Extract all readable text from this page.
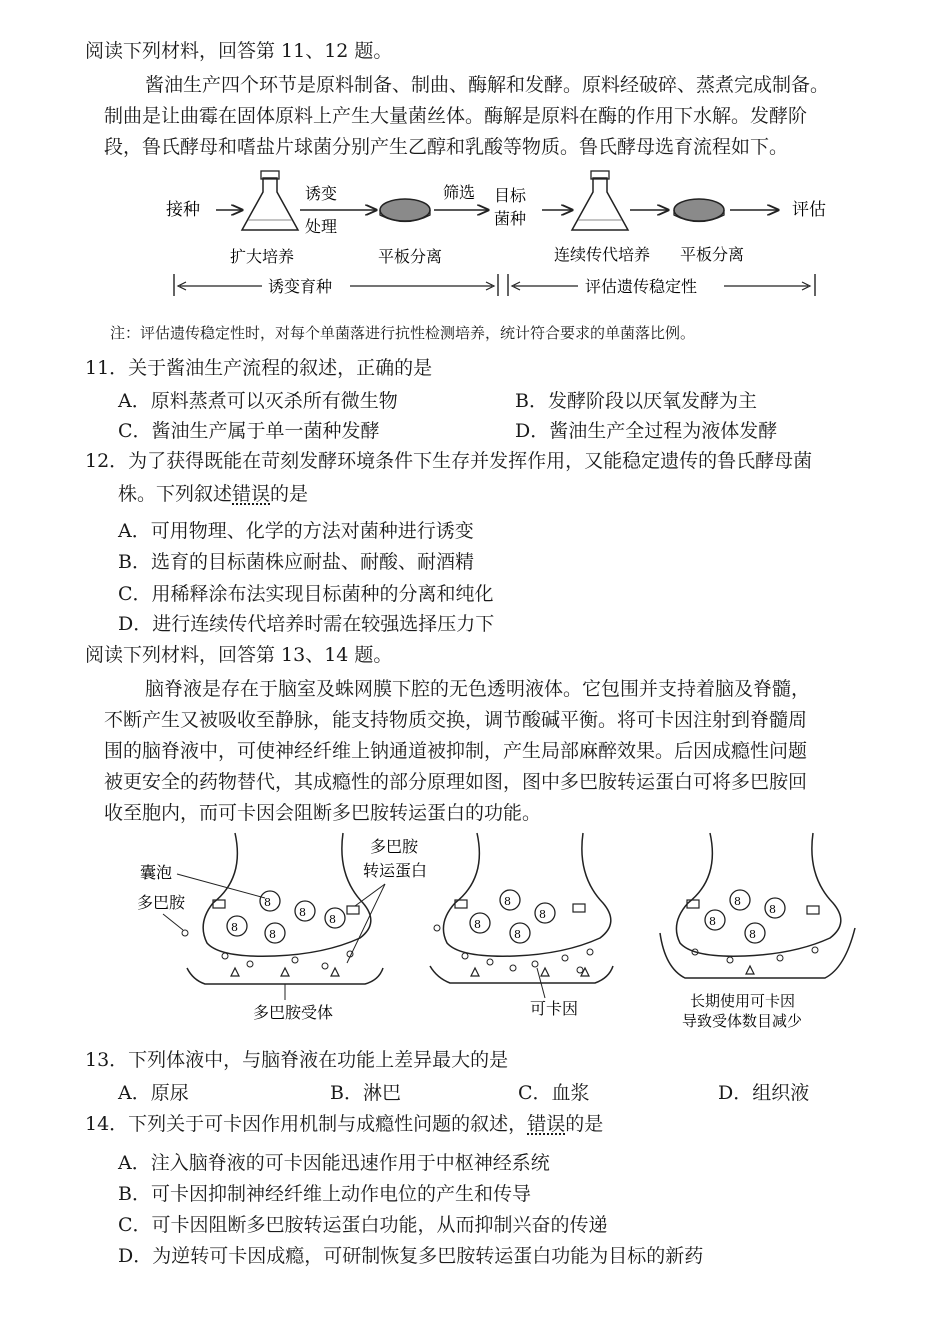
阅读下列材料，回答第 11、12 题。
酱油生产四个环节是原料制备、制曲、酶解和发酵。原料经破碎、蒸煮完成制备。
制曲是让曲霉在固体原料上产生大量菌丝体。酶解是原料在酶的作用下水解。发酵阶
段，鲁氏酵母和嗜盐片球菌分别产生乙醇和乳酸等物质。鲁氏酵母选育流程如下。
接种
诱变
处理
筛选 目标
菌种	评估
扩大培养	平板分离	连续传代培养 平板分离
诱变育种	评估遗传稳定性
注：评估遗传稳定性时，对每个单菌落进行抗性检测培养，统计符合要求的单菌落比例。
11．关于酱油生产流程的叙述，正确的是
A．原料蒸煮可以灭杀所有微生物	B．发酵阶段以厌氧发酵为主
C．酱油生产属于单一菌种发酵	D．酱油生产全过程为液体发酵
12．为了获得既能在苛刻发酵环境条件下生存并发挥作用，又能稳定遗传的鲁氏酵母菌
株。下列叙述错误的是
A．可用物理、化学的方法对菌种进行诱变
B．选育的目标菌株应耐盐、耐酸、耐酒精
C．用稀释涂布法实现目标菌种的分离和纯化
D．进行连续传代培养时需在较强选择压力下
阅读下列材料，回答第 13、14 题。
脑脊液是存在于脑室及蛛网膜下腔的无色透明液体。它包围并支持着脑及脊髓，
不断产生又被吸收至静脉，能支持物质交换，调节酸碱平衡。将可卡因注射到脊髓周
围的脑脊液中，可使神经纤维上钠通道被抑制，产生局部麻醉效果。后因成瘾性问题
被更安全的药物替代，其成瘾性的部分原理如图，图中多巴胺转运蛋白可将多巴胺回
收至胞内，而可卡因会阻断多巴胺转运蛋白的功能。
8
8
8
8
8
囊泡
多巴胺
多巴胺
转运蛋白
多巴胺受体
8
8
8
8
可卡因
8
8
8
8
长期使用可卡因
导致受体数目减少
13．下列体液中，与脑脊液在功能上差异最大的是
A．原尿	B．淋巴	C．血浆	D．组织液
14．下列关于可卡因作用机制与成瘾性问题的叙述，错误的是
A．注入脑脊液的可卡因能迅速作用于中枢神经系统
B．可卡因抑制神经纤维上动作电位的产生和传导
C．可卡因阻断多巴胺转运蛋白功能，从而抑制兴奋的传递
D．为逆转可卡因成瘾，可研制恢复多巴胺转运蛋白功能为目标的新药
